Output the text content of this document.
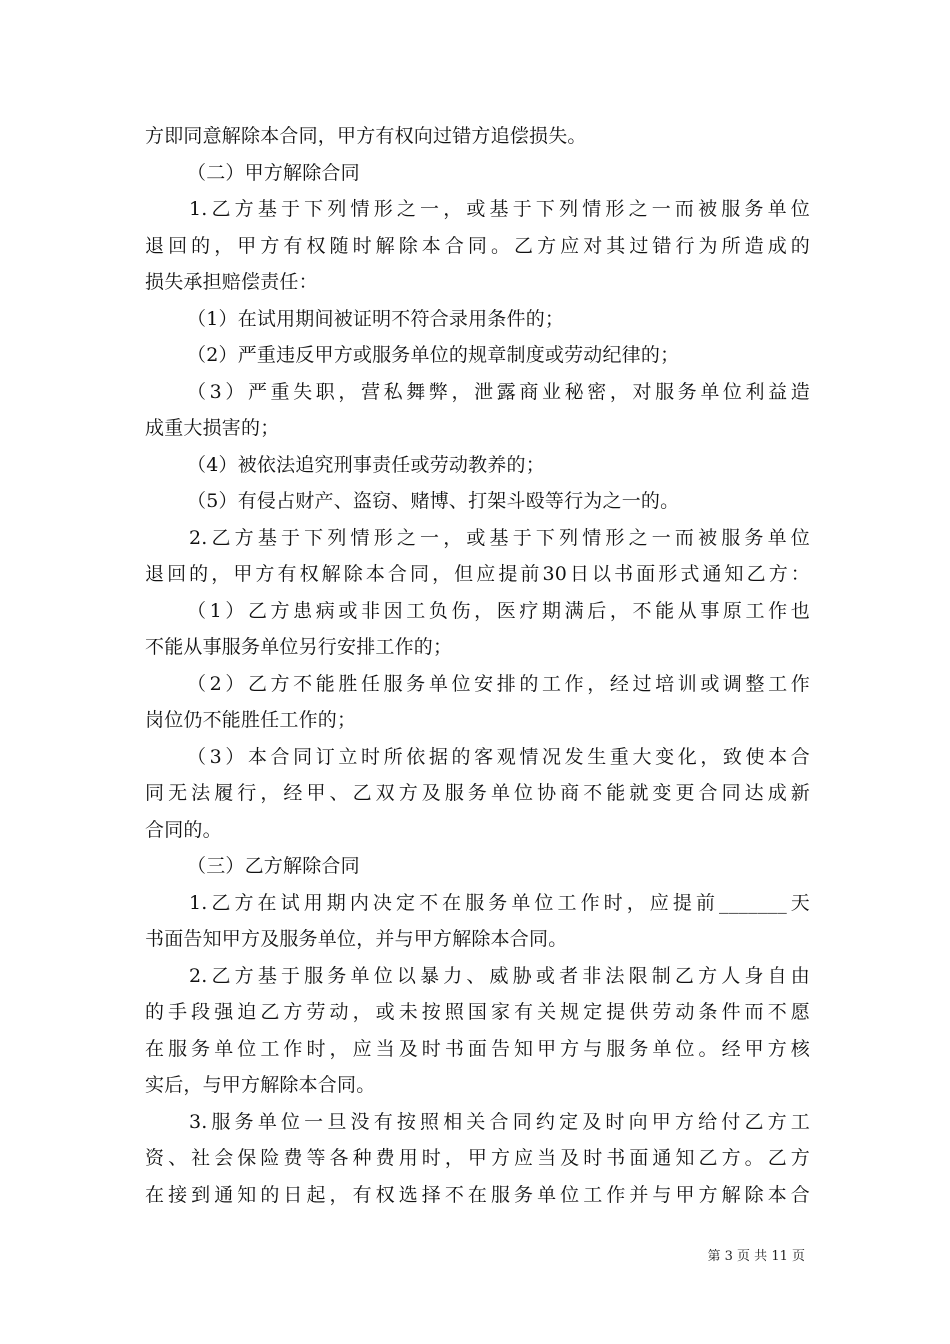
方即同意解除本合同，甲方有权向过错方追偿损失。
（二）甲方解除合同
1.乙方基于下列情形之一，或基于下列情形之一而被服务单位
退回的，甲方有权随时解除本合同。乙方应对其过错行为所造成的
损失承担赔偿责任：
（1）在试用期间被证明不符合录用条件的；
（2）严重违反甲方或服务单位的规章制度或劳动纪律的；
（3）严重失职，营私舞弊，泄露商业秘密，对服务单位利益造
成重大损害的；
（4）被依法追究刑事责任或劳动教养的；
（5）有侵占财产、盗窃、赌博、打架斗殴等行为之一的。
2.乙方基于下列情形之一，或基于下列情形之一而被服务单位
退回的，甲方有权解除本合同，但应提前30日以书面形式通知乙方：
（1）乙方患病或非因工负伤，医疗期满后，不能从事原工作也
不能从事服务单位另行安排工作的；
（2）乙方不能胜任服务单位安排的工作，经过培训或调整工作
岗位仍不能胜任工作的；
（3）本合同订立时所依据的客观情况发生重大变化，致使本合
同无法履行，经甲、乙双方及服务单位协商不能就变更合同达成新
合同的。
（三）乙方解除合同
1.乙方在试用期内决定不在服务单位工作时，应提前_______天
书面告知甲方及服务单位，并与甲方解除本合同。
2.乙方基于服务单位以暴力、威胁或者非法限制乙方人身自由
的手段强迫乙方劳动，或未按照国家有关规定提供劳动条件而不愿
在服务单位工作时，应当及时书面告知甲方与服务单位。经甲方核
实后，与甲方解除本合同。
3.服务单位一旦没有按照相关合同约定及时向甲方给付乙方工
资、社会保险费等各种费用时，甲方应当及时书面通知乙方。乙方
在接到通知的日起，有权选择不在服务单位工作并与甲方解除本合
第 3 页 共 11 页
